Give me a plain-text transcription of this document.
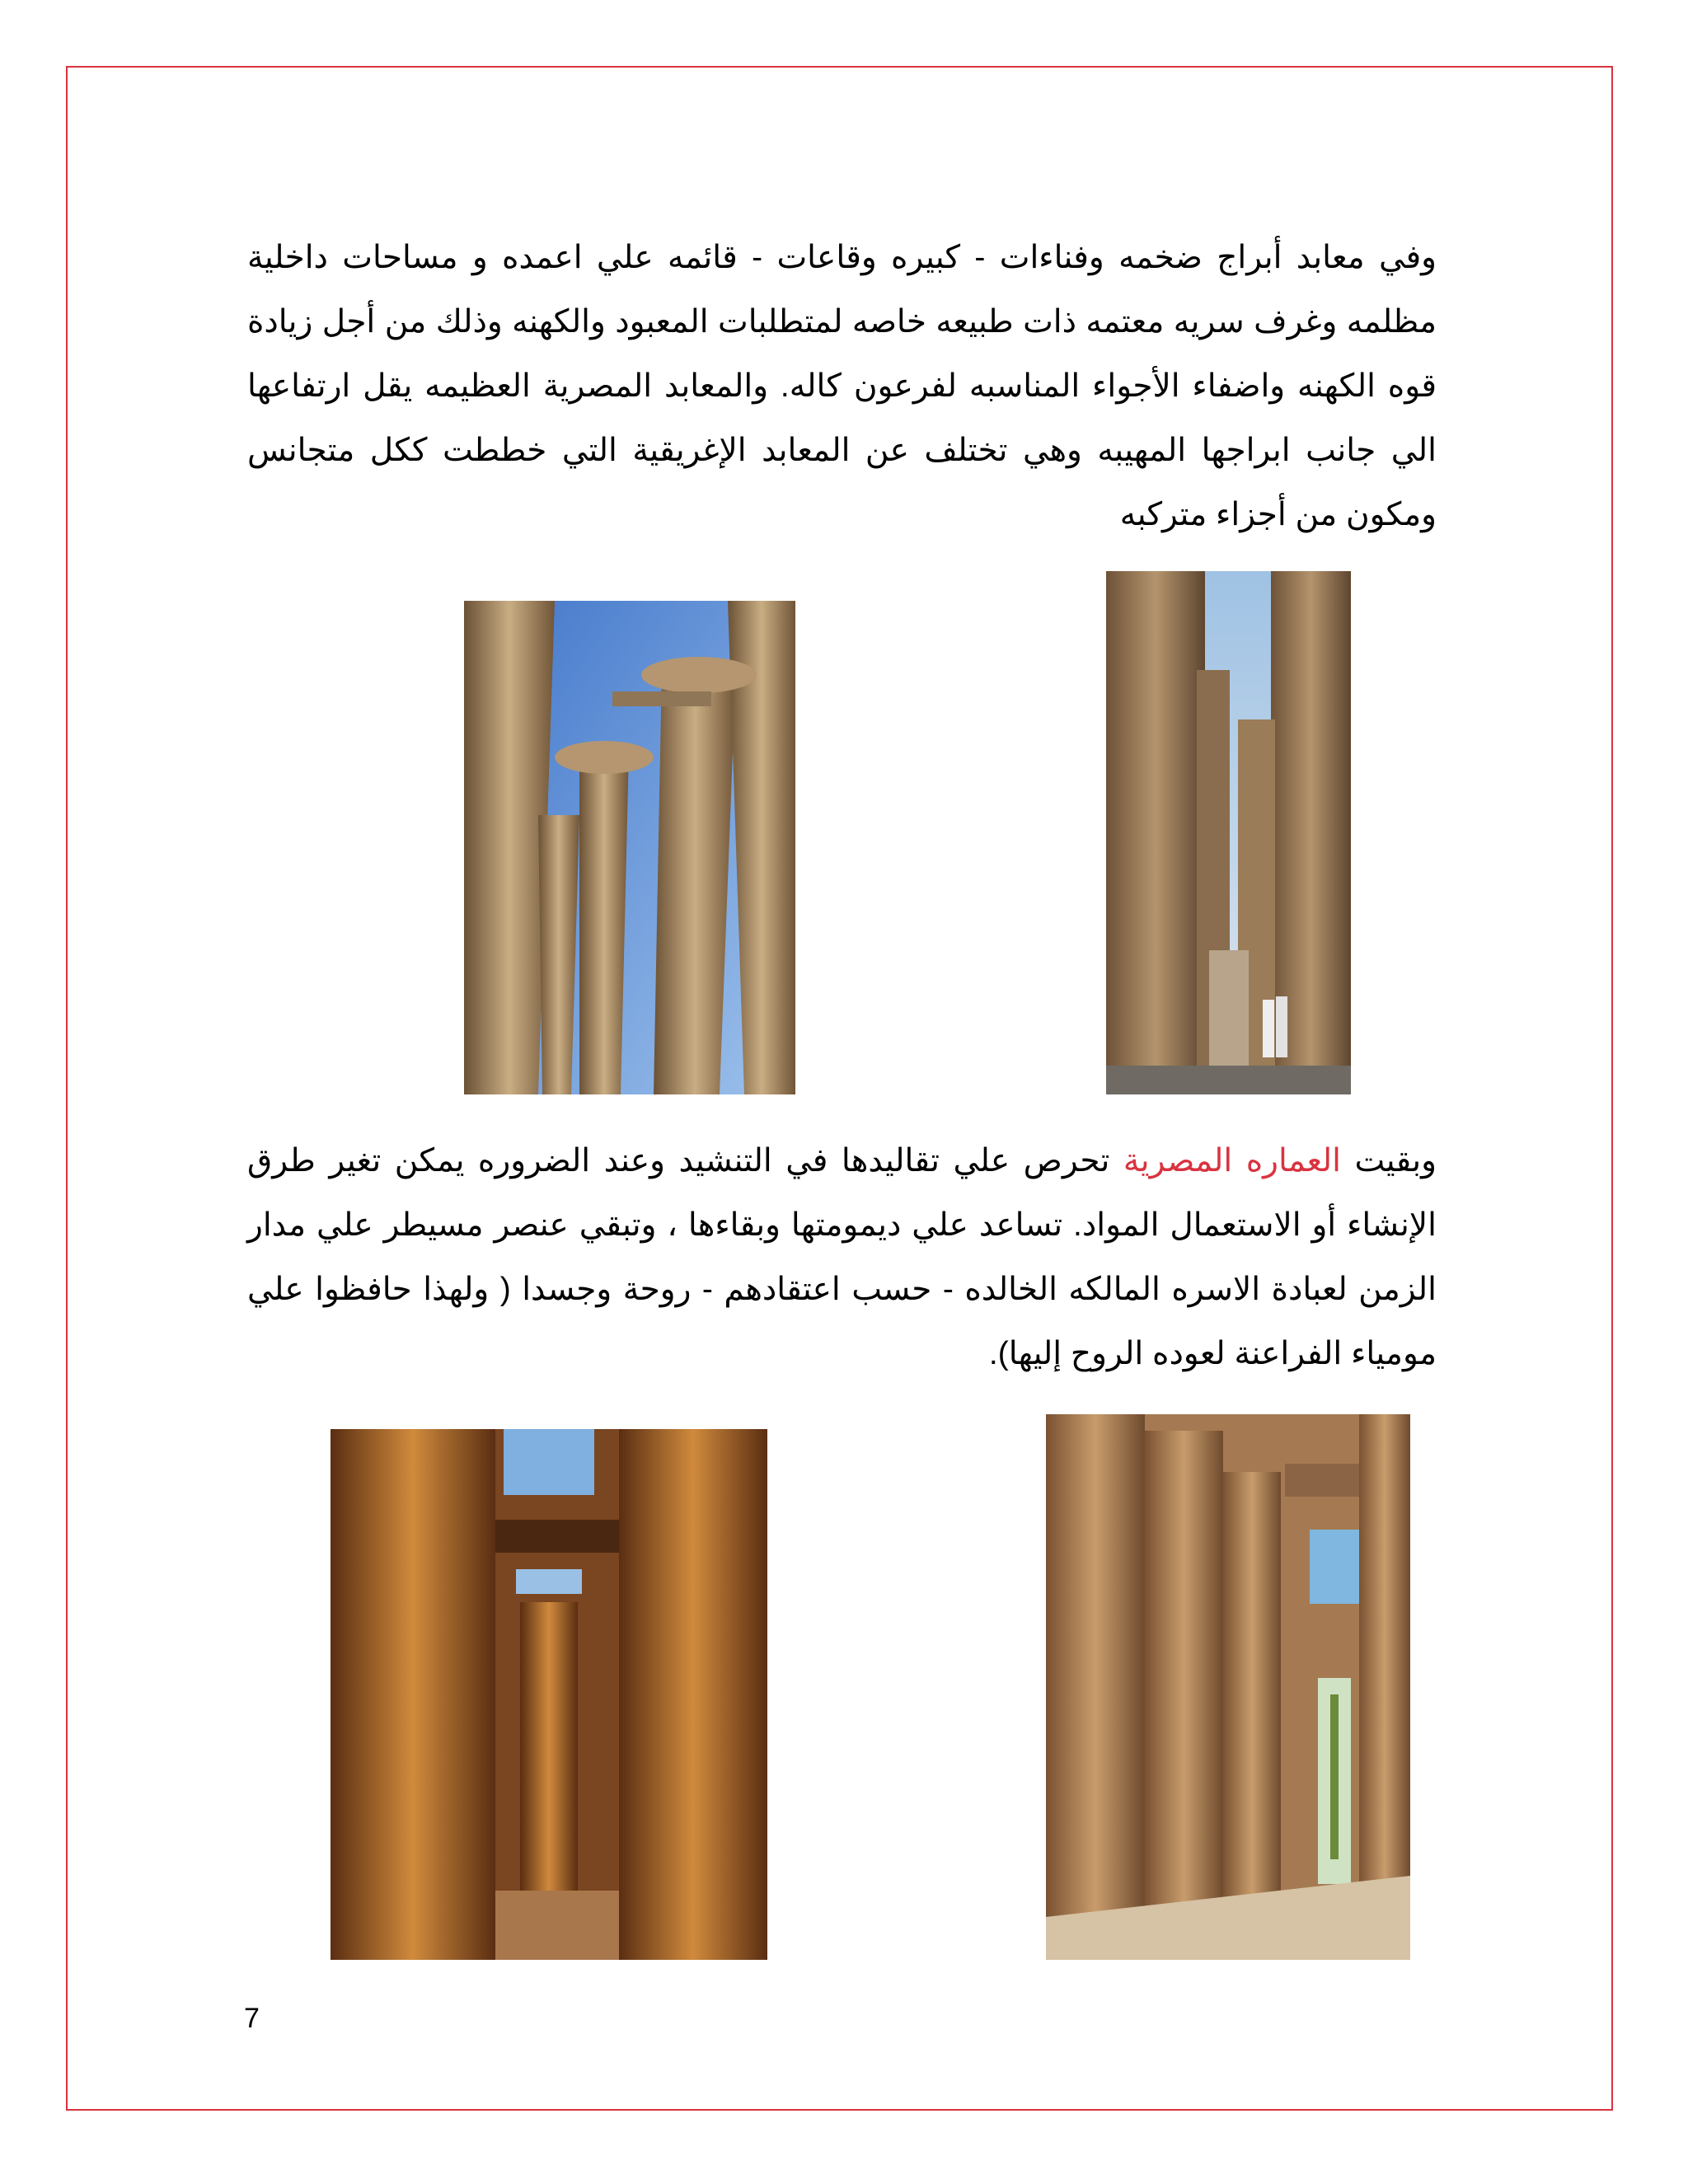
وفي معابد أبراج ضخمه وفناءات - كبيره وقاعات - قائمه علي اعمده و مساحات داخلية مظلمه وغرف سريه معتمه ذات طبيعه خاصه لمتطلبات المعبود والكهنه وذلك من أجل زيادة قوه الكهنه واضفاء الأجواء المناسبه لفرعون كاله. والمعابد المصرية العظيمه يقل ارتفاعها الي جانب ابراجها المهيبه وهي تختلف عن المعابد الإغريقية التي خططت ككل متجانس ومكون من أجزاء متركبه

وبقيت العماره المصرية تحرص علي تقاليدها في التنشيد وعند الضروره يمكن تغير طرق الإنشاء أو الاستعمال المواد. تساعد علي ديمومتها وبقاءها ، وتبقي عنصر مسيطر علي مدار الزمن لعبادة الاسره المالكه الخالده - حسب اعتقادهم - روحة وجسدا ( ولهذا حافظوا علي مومياء الفراعنة لعوده الروح إليها).

7
